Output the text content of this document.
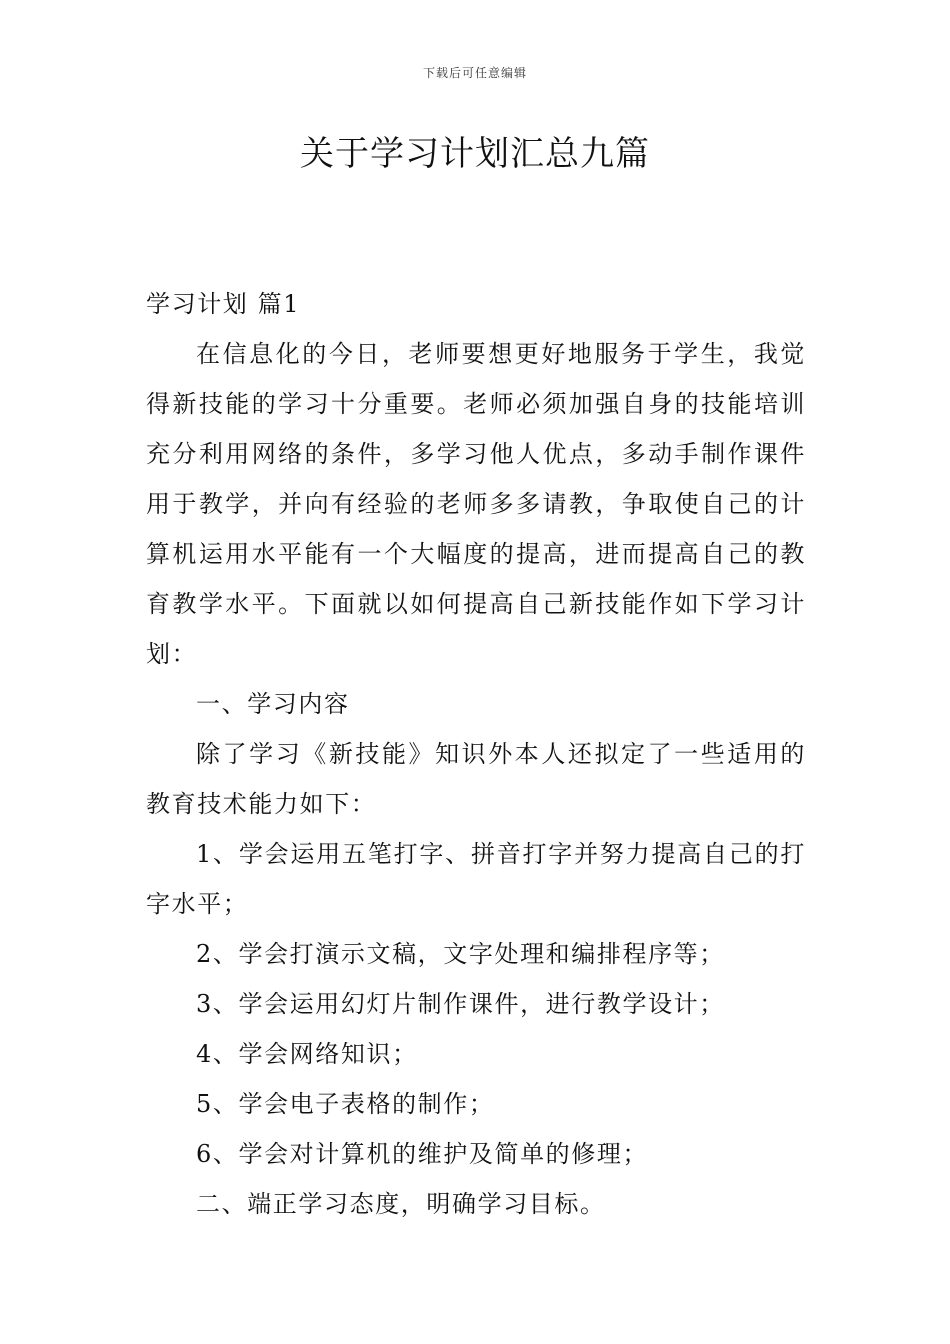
下载后可任意编辑
关于学习计划汇总九篇
学习计划 篇1

在信息化的今日，老师要想更好地服务于学生，我觉得新技能的学习十分重要。老师必须加强自身的技能培训充分利用网络的条件，多学习他人优点，多动手制作课件用于教学，并向有经验的老师多多请教，争取使自己的计算机运用水平能有一个大幅度的提高，进而提高自己的教育教学水平。下面就以如何提高自己新技能作如下学习计划：

一、学习内容

除了学习《新技能》知识外本人还拟定了一些适用的教育技术能力如下：

1、学会运用五笔打字、拼音打字并努力提高自己的打字水平；

2、学会打演示文稿，文字处理和编排程序等；

3、学会运用幻灯片制作课件，进行教学设计；

4、学会网络知识；

5、学会电子表格的制作；

6、学会对计算机的维护及简单的修理；

二、端正学习态度，明确学习目标。
